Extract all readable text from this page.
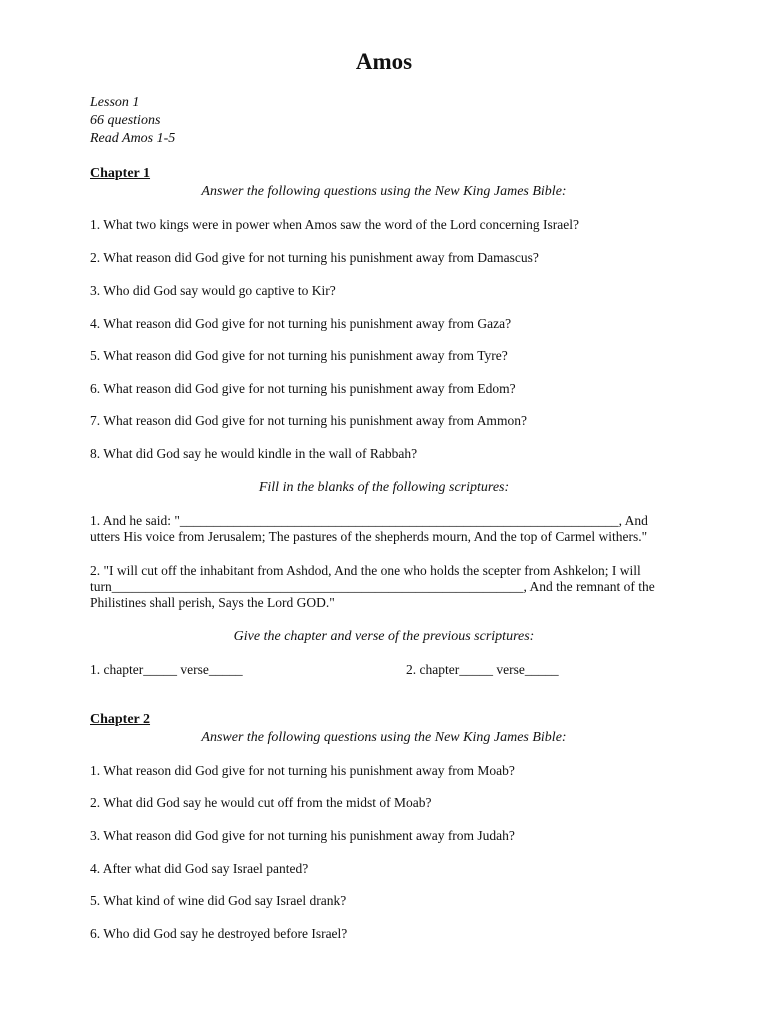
Amos
Lesson 1
66 questions
Read Amos 1-5
Chapter 1
Answer the following questions using the New King James Bible:
1. What two kings were in power when Amos saw the word of the Lord concerning Israel?
2. What reason did God give for not turning his punishment away from Damascus?
3. Who did God say would go captive to Kir?
4. What reason did God give for not turning his punishment away from Gaza?
5. What reason did God give for not turning his punishment away from Tyre?
6. What reason did God give for not turning his punishment away from Edom?
7. What reason did God give for not turning his punishment away from Ammon?
8. What did God say he would kindle in the wall of Rabbah?
Fill in the blanks of the following scriptures:
1. And he said: "_________________________________________________________________, And
utters His voice from Jerusalem; The pastures of the shepherds mourn, And the top of Carmel withers."
2. "I will cut off the inhabitant from Ashdod, And the one who holds the scepter from Ashkelon; I will
turn_____________________________________________________________, And the remnant of the
Philistines shall perish, Says the Lord GOD."
Give the chapter and verse of the previous scriptures:
1. chapter_____ verse_____	2. chapter_____ verse_____
Chapter 2
Answer the following questions using the New King James Bible:
1. What reason did God give for not turning his punishment away from Moab?
2. What did God say he would cut off from the midst of Moab?
3. What reason did God give for not turning his punishment away from Judah?
4. After what did God say Israel panted?
5. What kind of wine did God say Israel drank?
6. Who did God say he destroyed before Israel?
